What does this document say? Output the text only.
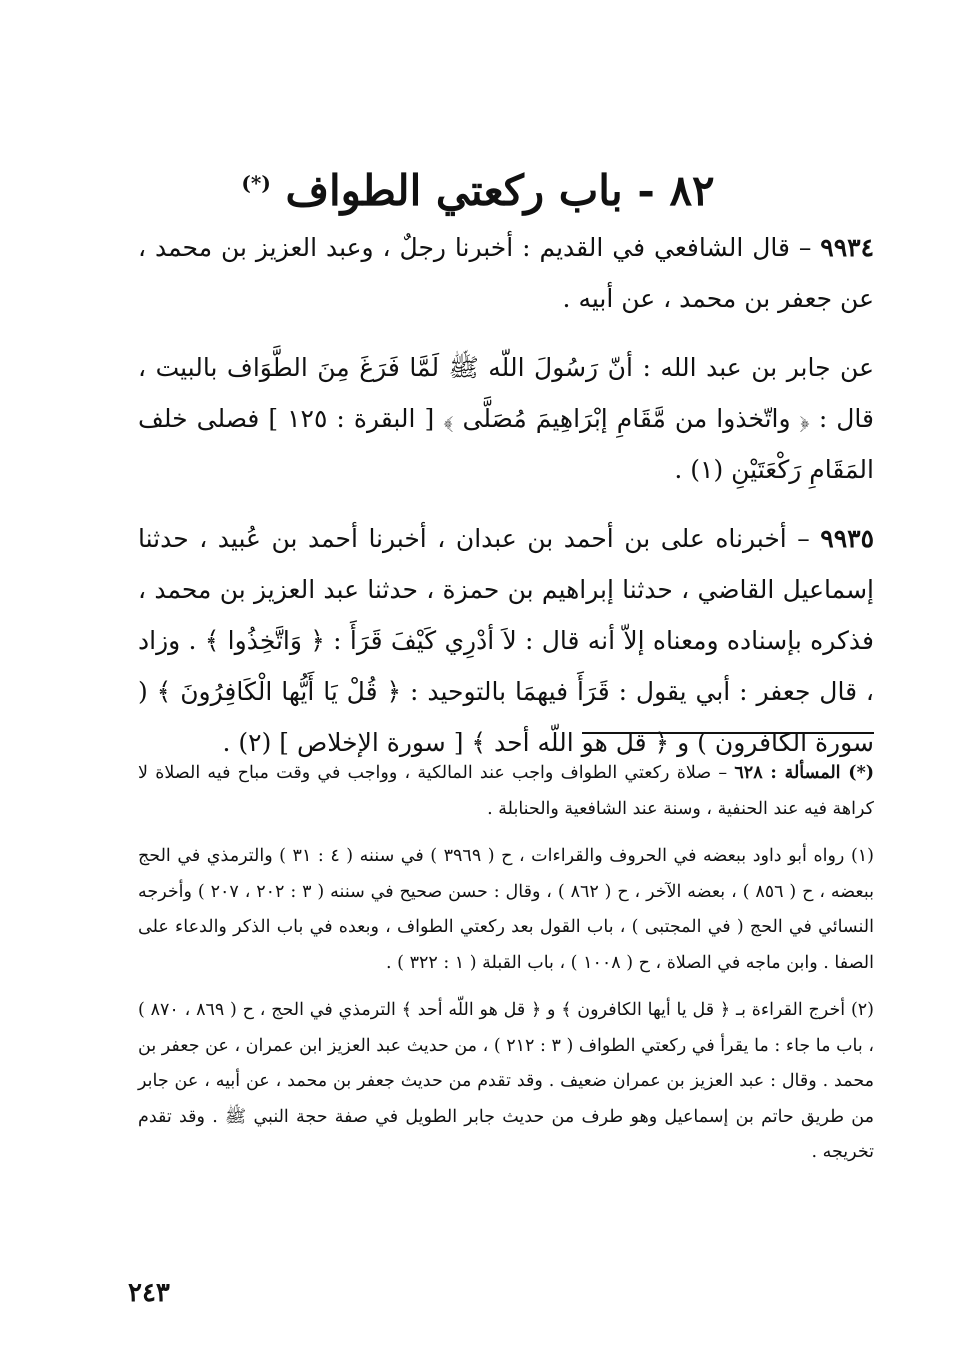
٨٢ - باب ركعتي الطواف (*)

٩٩٣٤ – قال الشافعي في القديم : أخبرنا رجلٌ ، وعبد العزيز بن محمد ، عن جعفر بن محمد ، عن أبيه .

عن جابر بن عبد الله : أنّ رَسُولَ اللّه ﷺ لَمَّا فَرَغَ مِنَ الطَّوَاف بالبيت ، قال : ﴿ واتّخذوا من مَّقَامِ إبْرَاهِيمَ مُصَلَّى ﴾ [ البقرة : ١٢٥ ] فصلى خلف المَقَامِ رَكْعَتَيْنِ (١) .

٩٩٣٥ – أخبرناه على بن أحمد بن عبدان ، أخبرنا أحمد بن عُبيد ، حدثنا إسماعيل القاضي ، حدثنا إبراهيم بن حمزة ، حدثنا عبد العزيز بن محمد ، فذكره بإسناده ومعناه إلاّ أنه قال : لاَ أدْرِي كَيْفَ قَرَأَ : ﴿ وَاتَّخِذُوا ﴾ . وزاد ، قال جعفر : أبي يقول : قَرَأَ فيهمَا بالتوحيد : ﴿ قُلْ يَا أَيُّها الْكَافِرُونَ ﴾ ( سورة الكافرون ) و ﴿ قل هو اللّه أحد ﴾ [ سورة الإخلاص ] (٢) .

(*) المسألة : ٦٢٨ – صلاة ركعتي الطواف واجب عند المالكية ، وواجب في وقت مباح فيه الصلاة لا كراهة فيه عند الحنفية ، وسنة عند الشافعية والحنابلة .

(١) رواه أبو داود ببعضه في الحروف والقراءات ، ح ( ٣٩٦٩ ) في سننه ( ٤ : ٣١ ) والترمذي في الحج ببعضه ، ح ( ٨٥٦ ) ، بعضه الآخر ، ح ( ٨٦٢ ) ، وقال : حسن صحيح في سننه ( ٣ : ٢٠٢ ، ٢٠٧ ) وأخرجه النسائي في الحج ( في المجتبى ) ، باب القول بعد ركعتي الطواف ، وبعده في باب الذكر والدعاء على الصفا . وابن ماجه في الصلاة ، ح ( ١٠٠٨ ) ، باب القبلة ( ١ : ٣٢٢ ) .

(٢) أخرج القراءة بـ ﴿ قل يا أيها الكافرون ﴾ و ﴿ قل هو اللّه أحد ﴾ الترمذي في الحج ، ح ( ٨٦٩ ، ٨٧٠ ) ، باب ما جاء : ما يقرأ في ركعتي الطواف ( ٣ : ٢١٢ ) ، من حديث عبد العزيز ابن عمران ، عن جعفر بن محمد . وقال : عبد العزيز بن عمران ضعيف . وقد تقدم من حديث جعفر بن محمد ، عن أبيه ، عن جابر من طريق حاتم بن إسماعيل وهو طرف من حديث جابر الطويل في صفة حجة النبي ﷺ . وقد تقدم تخريجه .

٢٤٣
